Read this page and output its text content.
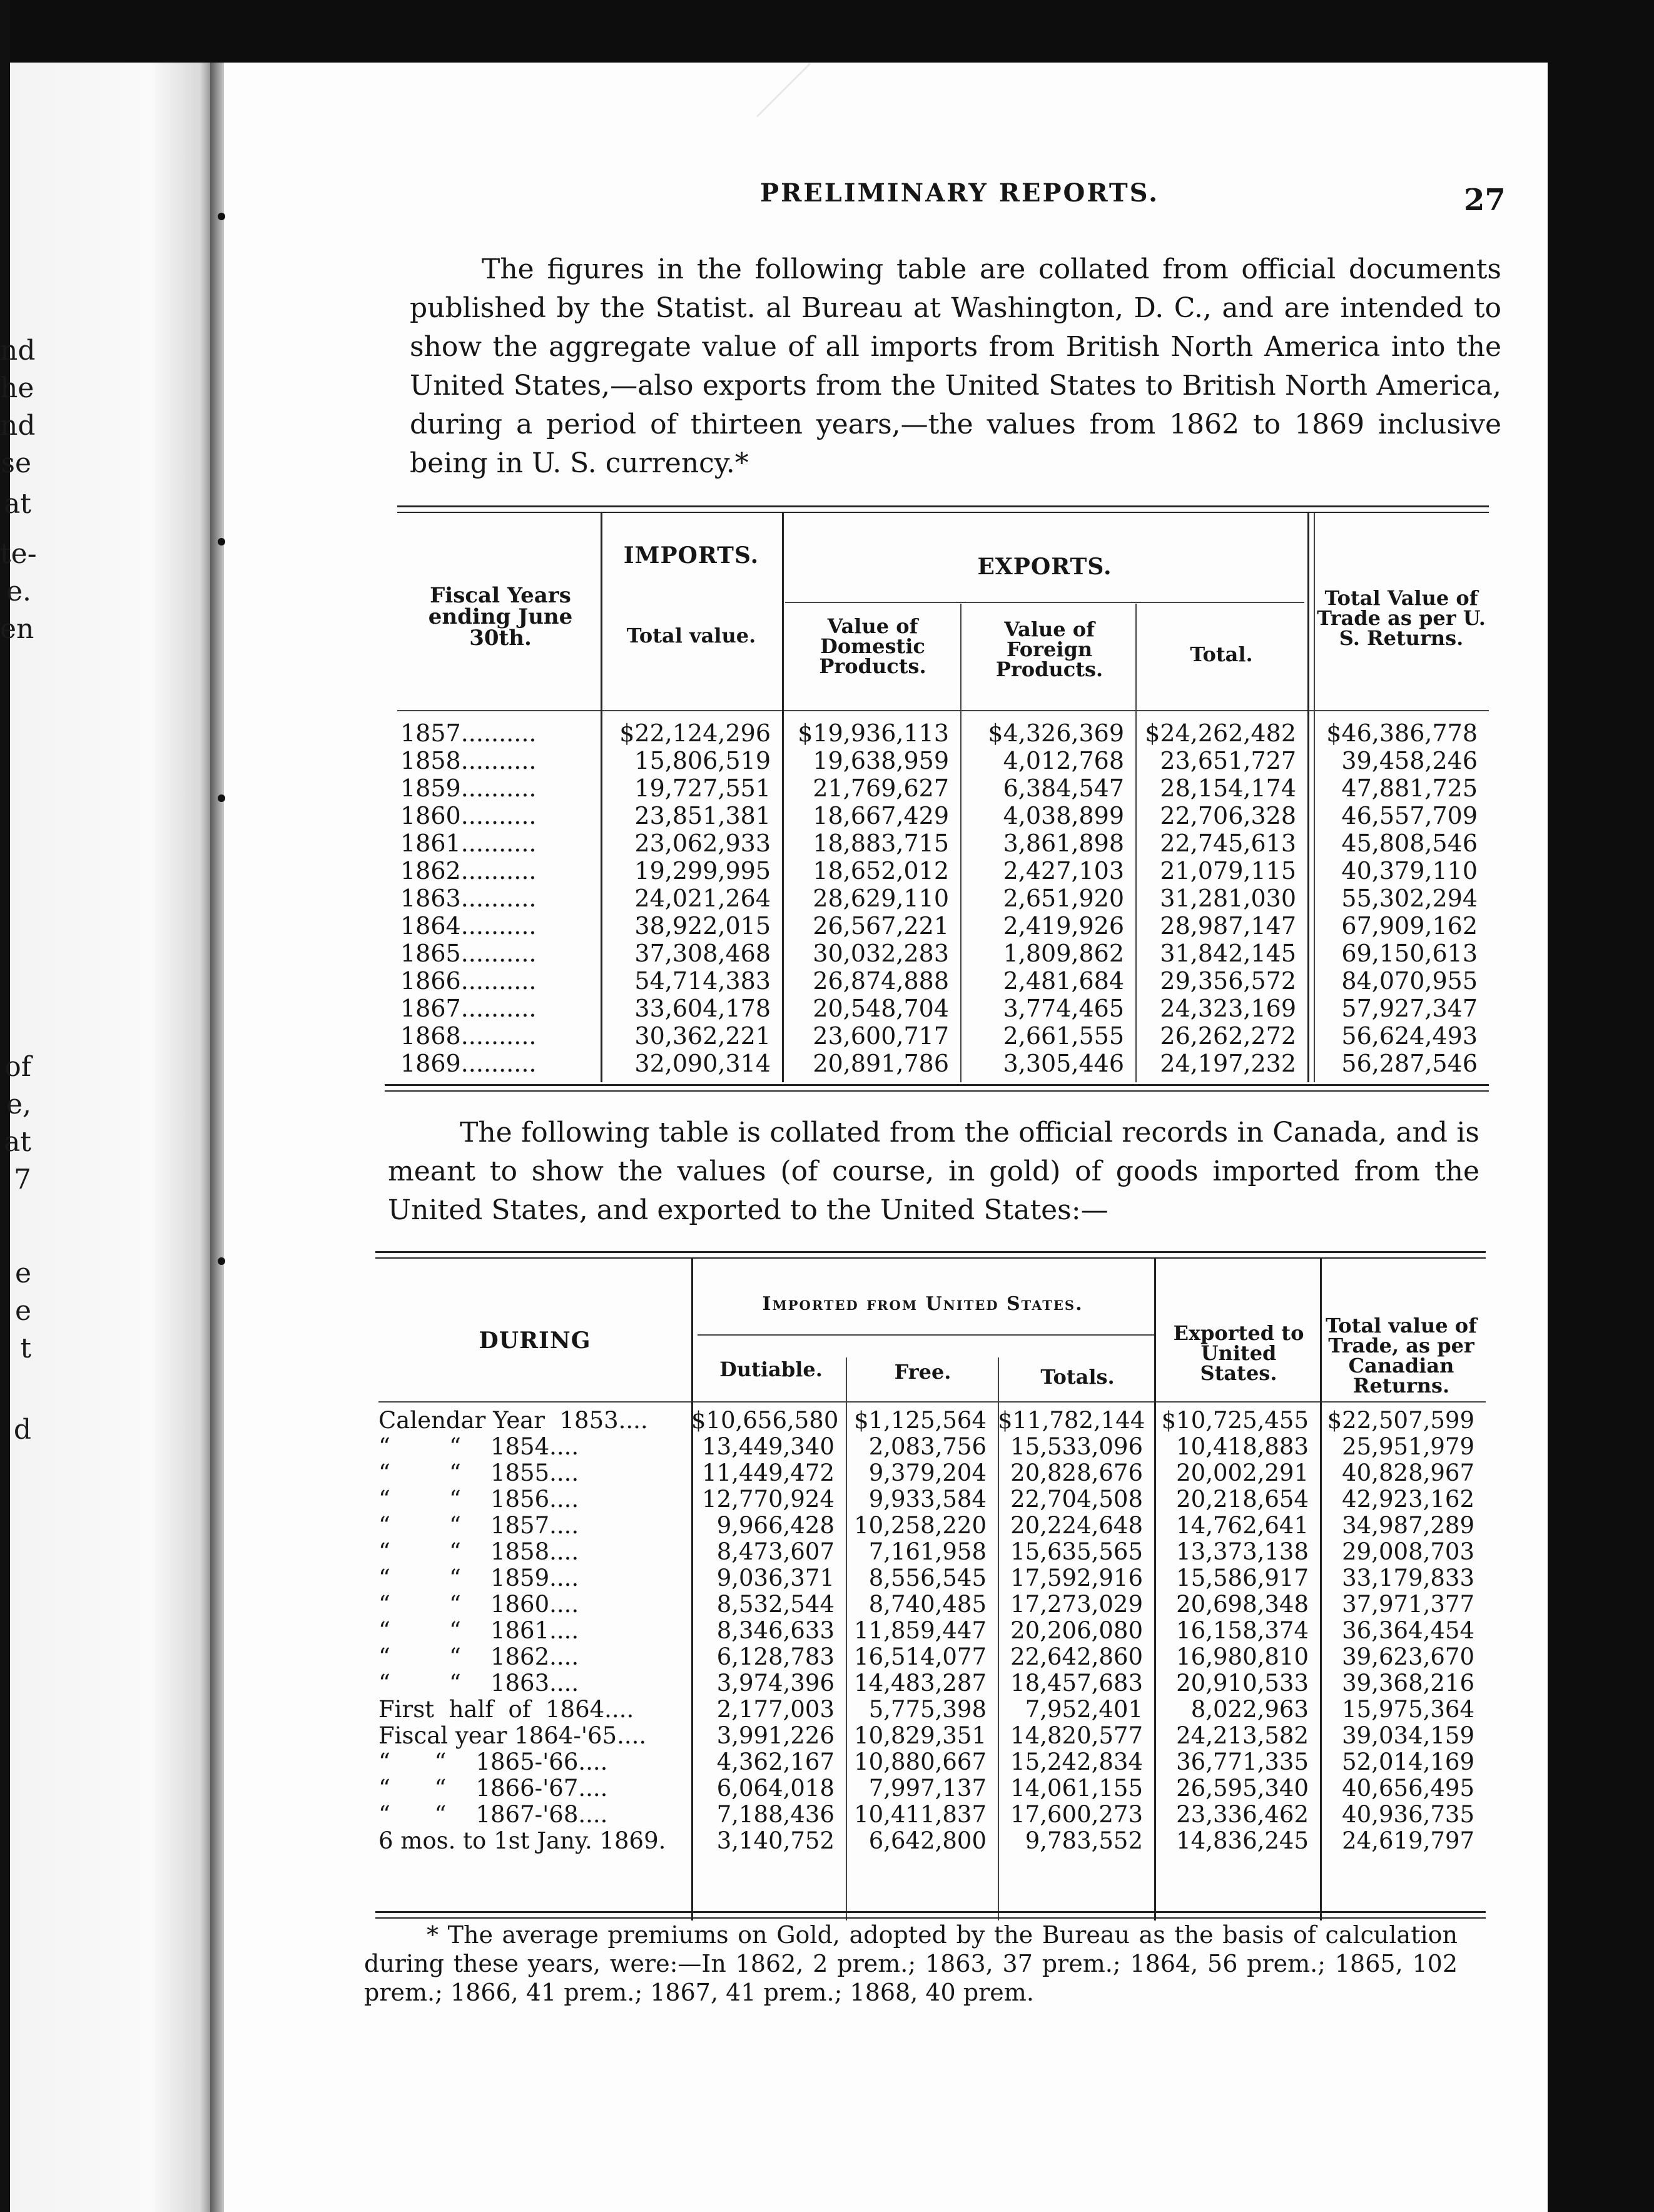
nd
he
nd
se
at
te-
e.
en
of
e,
at
7
e
e
t
d
PRELIMINARY REPORTS.	27
The figures in the following table are collated from official documents published by the Statist. al Bureau at Washington, D. C., and are intended to show the aggregate value of all imports from British North America into the United States,—also exports from the United States to British North America, during a period of thirteen years,—the values from 1862 to 1869 inclusive being in U. S. currency.*
Fiscal Years ending June 30th.
IMPORTS.	EXPORTS.
Total value.	Value of Domestic Products.
Value of Foreign Products.
Total.
Total Value of Trade as per U. S. Returns.
1857..........	$22,124,296	$19,936,113	$4,326,369	$24,262,482	$46,386,778
1858..........	15,806,519	19,638,959	4,012,768	23,651,727	39,458,246
1859..........	19,727,551	21,769,627	6,384,547	28,154,174	47,881,725
1860..........	23,851,381	18,667,429	4,038,899	22,706,328	46,557,709
1861..........	23,062,933	18,883,715	3,861,898	22,745,613	45,808,546
1862..........	19,299,995	18,652,012	2,427,103	21,079,115	40,379,110
1863..........	24,021,264	28,629,110	2,651,920	31,281,030	55,302,294
1864..........	38,922,015	26,567,221	2,419,926	28,987,147	67,909,162
1865..........	37,308,468	30,032,283	1,809,862	31,842,145	69,150,613
1866..........	54,714,383	26,874,888	2,481,684	29,356,572	84,070,955
1867..........	33,604,178	20,548,704	3,774,465	24,323,169	57,927,347
1868..........	30,362,221	23,600,717	2,661,555	26,262,272	56,624,493
1869..........	32,090,314	20,891,786	3,305,446	24,197,232	56,287,546
The following table is collated from the official records in Canada, and is meant to show the values (of course, in gold) of goods imported from the United States, and exported to the United States:—
DURING
Imported from United States.
Dutiable.	Free.	Totals.
Exported to United States.
Total value of Trade, as per Canadian Returns.
Calendar Year  1853....	$10,656,580	$1,125,564	$11,782,144	$10,725,455	$22,507,599
“        “    1854....	13,449,340	2,083,756	15,533,096	10,418,883	25,951,979
“        “    1855....	11,449,472	9,379,204	20,828,676	20,002,291	40,828,967
“        “    1856....	12,770,924	9,933,584	22,704,508	20,218,654	42,923,162
“        “    1857....	9,966,428	10,258,220	20,224,648	14,762,641	34,987,289
“        “    1858....	8,473,607	7,161,958	15,635,565	13,373,138	29,008,703
“        “    1859....	9,036,371	8,556,545	17,592,916	15,586,917	33,179,833
“        “    1860....	8,532,544	8,740,485	17,273,029	20,698,348	37,971,377
“        “    1861....	8,346,633	11,859,447	20,206,080	16,158,374	36,364,454
“        “    1862....	6,128,783	16,514,077	22,642,860	16,980,810	39,623,670
“        “    1863....	3,974,396	14,483,287	18,457,683	20,910,533	39,368,216
First  half  of  1864....	2,177,003	5,775,398	7,952,401	8,022,963	15,975,364
Fiscal year 1864-'65....	3,991,226	10,829,351	14,820,577	24,213,582	39,034,159
“      “    1865-'66....	4,362,167	10,880,667	15,242,834	36,771,335	52,014,169
“      “    1866-'67....	6,064,018	7,997,137	14,061,155	26,595,340	40,656,495
“      “    1867-'68....	7,188,436	10,411,837	17,600,273	23,336,462	40,936,735
6 mos. to 1st Jany. 1869.	3,140,752	6,642,800	9,783,552	14,836,245	24,619,797
* The average premiums on Gold, adopted by the Bureau as the basis of calculation during these years, were:—In 1862, 2 prem.; 1863, 37 prem.; 1864, 56 prem.; 1865, 102 prem.; 1866, 41 prem.; 1867, 41 prem.; 1868, 40 prem.
